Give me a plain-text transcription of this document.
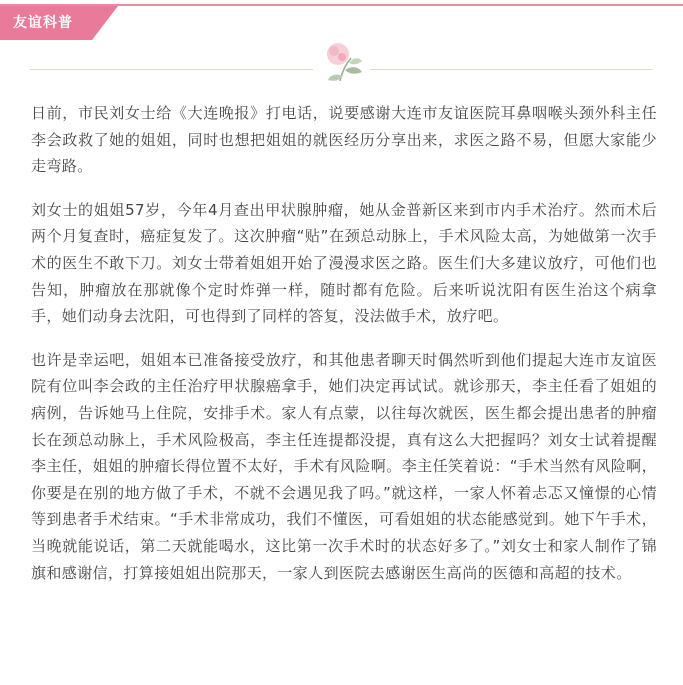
友谊科普

日前，市民刘女士给《大连晚报》打电话，说要感谢大连市友谊医院耳鼻咽喉头颈外科主任李会政救了她的姐姐，同时也想把姐姐的就医经历分享出来，求医之路不易，但愿大家能少走弯路。

刘女士的姐姐57岁，今年4月查出甲状腺肿瘤，她从金普新区来到市内手术治疗。然而术后两个月复查时，癌症复发了。这次肿瘤“贴”在颈总动脉上，手术风险太高，为她做第一次手术的医生不敢下刀。刘女士带着姐姐开始了漫漫求医之路。医生们大多建议放疗，可他们也告知，肿瘤放在那就像个定时炸弹一样，随时都有危险。后来听说沈阳有医生治这个病拿手，她们动身去沈阳，可也得到了同样的答复，没法做手术，放疗吧。

也许是幸运吧，姐姐本已准备接受放疗，和其他患者聊天时偶然听到他们提起大连市友谊医院有位叫李会政的主任治疗甲状腺癌拿手，她们决定再试试。就诊那天，李主任看了姐姐的病例，告诉她马上住院，安排手术。家人有点蒙，以往每次就医，医生都会提出患者的肿瘤长在颈总动脉上，手术风险极高，李主任连提都没提，真有这么大把握吗？刘女士试着提醒李主任，姐姐的肿瘤长得位置不太好，手术有风险啊。李主任笑着说：“手术当然有风险啊，你要是在别的地方做了手术，不就不会遇见我了吗。”就这样，一家人怀着忐忑又憧憬的心情等到患者手术结束。“手术非常成功，我们不懂医，可看姐姐的状态能感觉到。她下午手术，当晚就能说话，第二天就能喝水，这比第一次手术时的状态好多了。”刘女士和家人制作了锦旗和感谢信，打算接姐姐出院那天，一家人到医院去感谢医生高尚的医德和高超的技术。
